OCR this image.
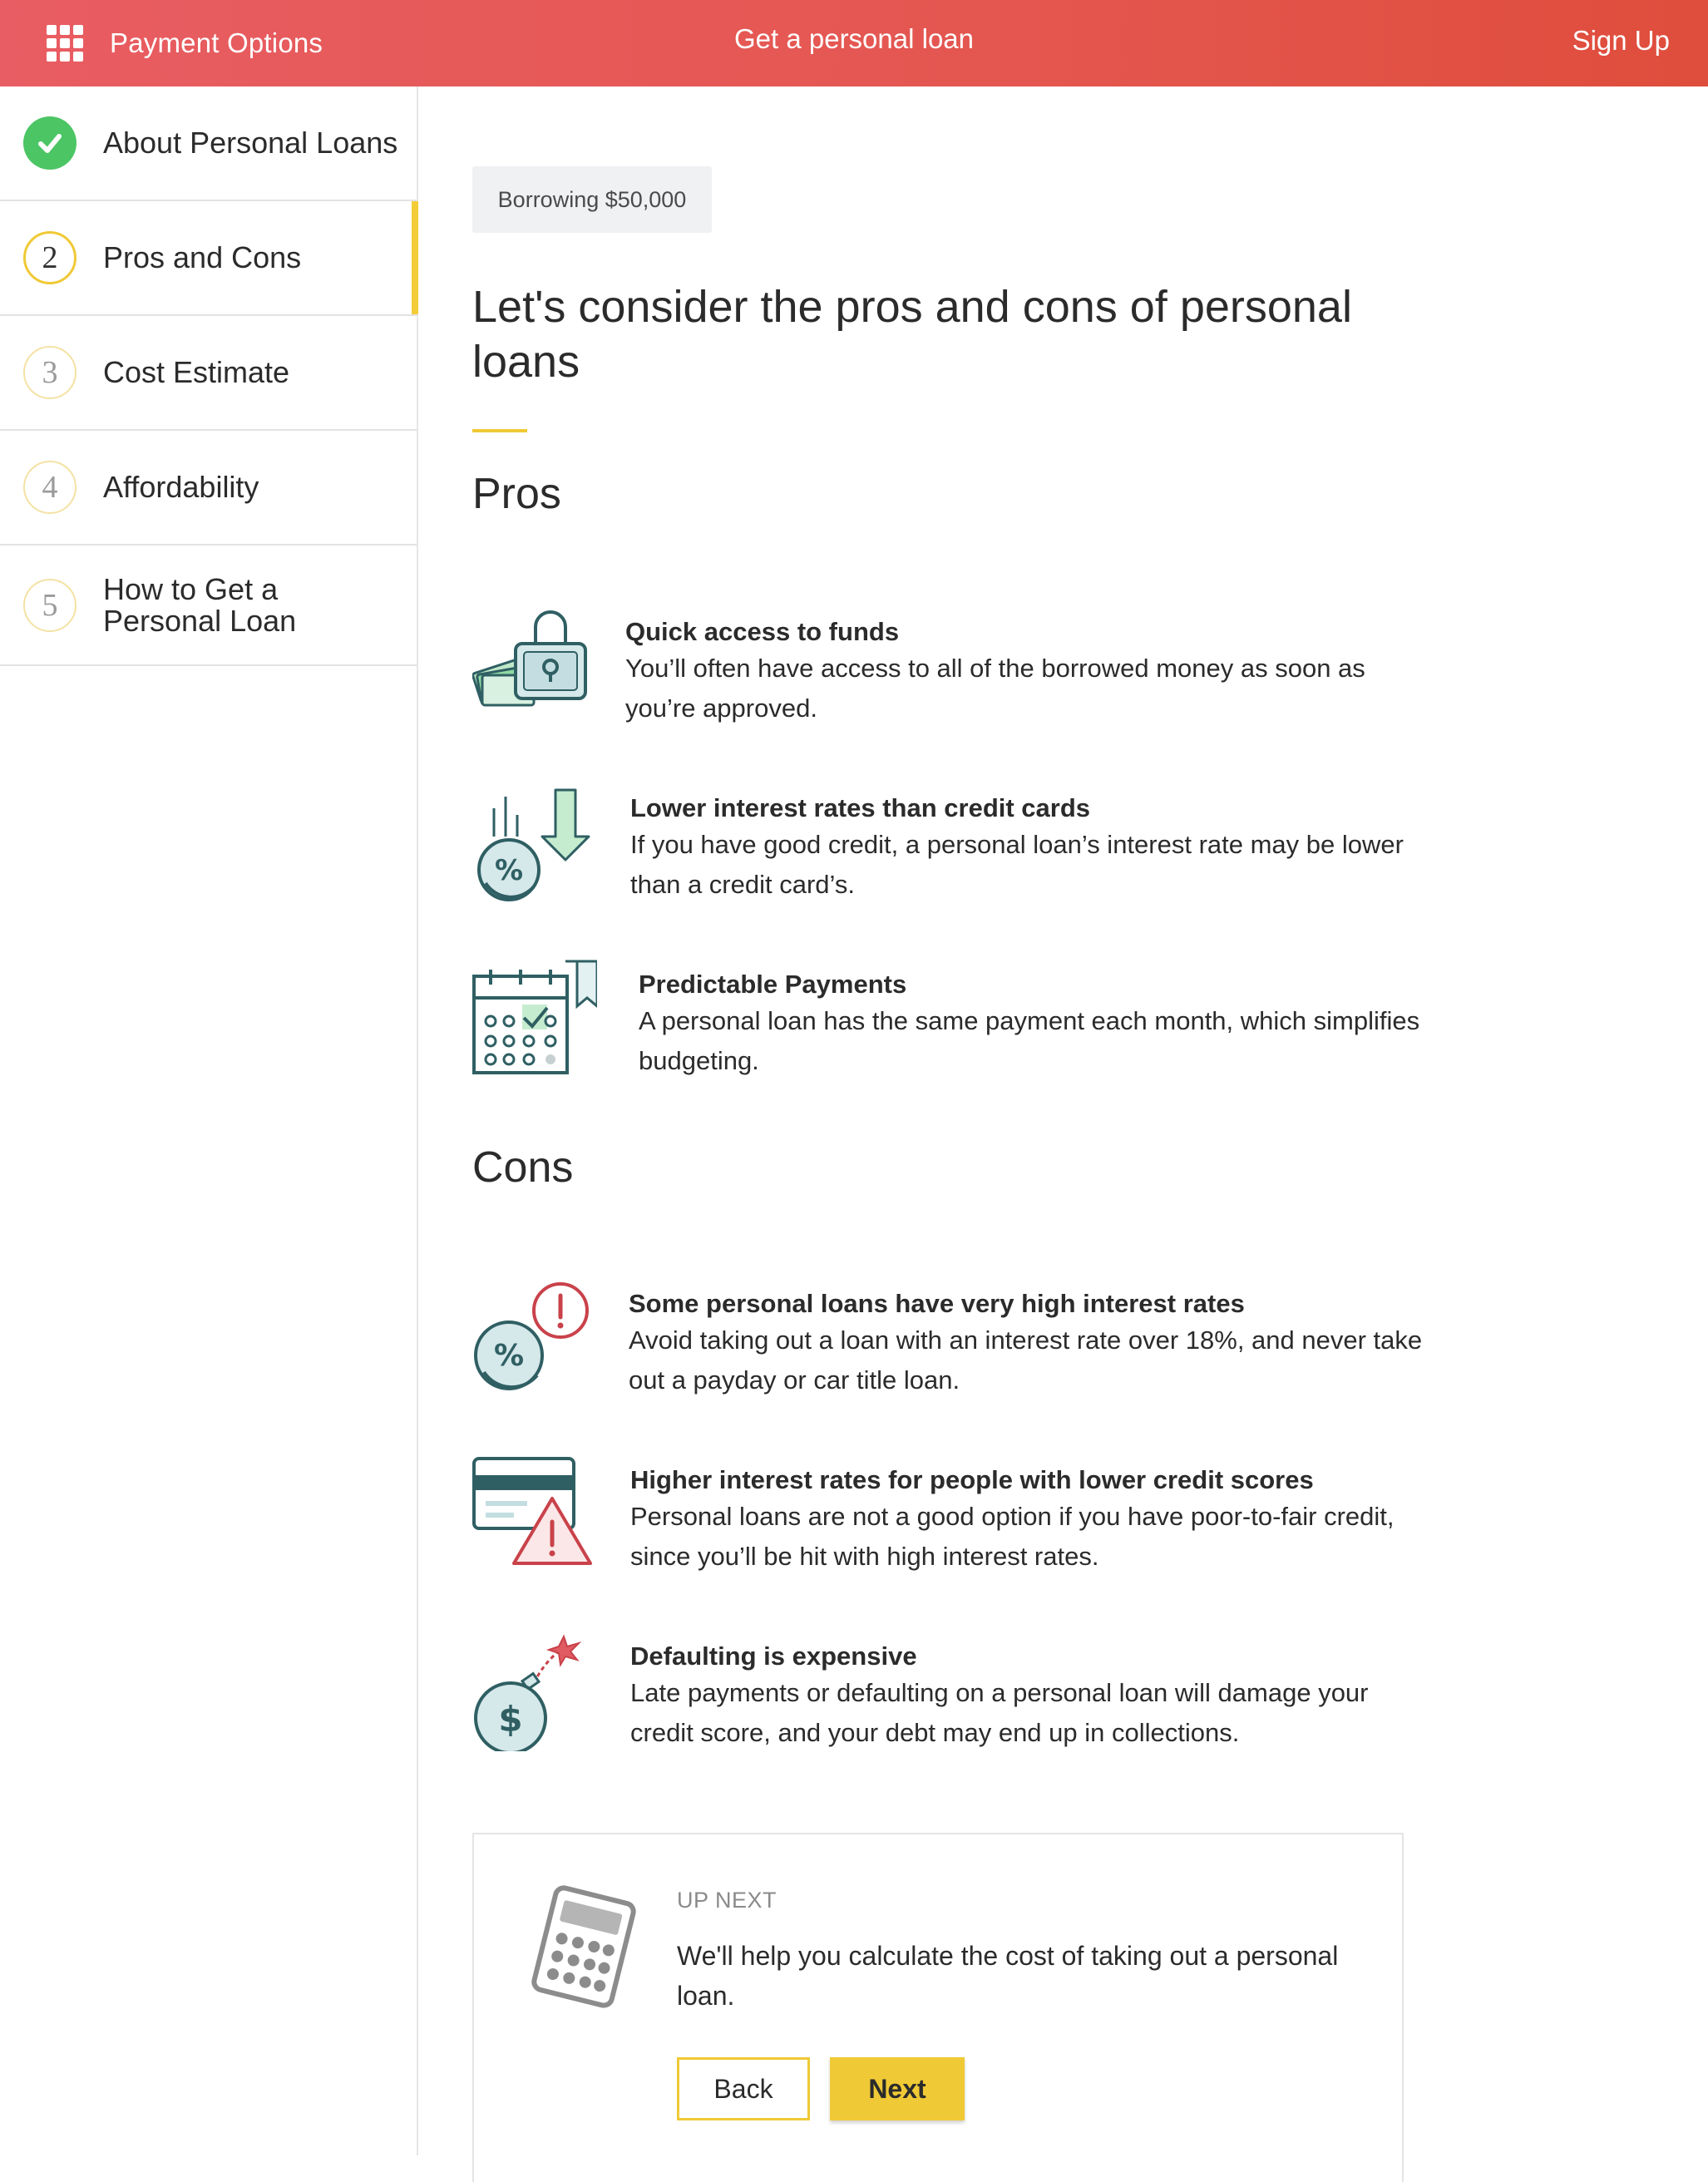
Payment Options	Get a personal loan	Sign Up
About Personal Loans
2	Pros and Cons
3	Cost Estimate
4	Affordability
5	How to Get a Personal Loan
Borrowing $50,000
Let's consider the pros and cons of personal loans
Pros
Quick access to funds
You’ll often have access to all of the borrowed money as soon as you’re approved.
%
Lower interest rates than credit cards
If you have good credit, a personal loan’s interest rate may be lower than a credit card’s.
Predictable Payments
A personal loan has the same payment each month, which simplifies budgeting.
Cons
%
Some personal loans have very high interest rates
Avoid taking out a loan with an interest rate over 18%, and never take out a payday or car title loan.
Higher interest rates for people with lower credit scores
Personal loans are not a good option if you have poor-to-fair credit, since you’ll be hit with high interest rates.
$
Defaulting is expensive
Late payments or defaulting on a personal loan will damage your credit score, and your debt may end up in collections.
UP NEXT
We'll help you calculate the cost of taking out a personal loan.
Back	Next
